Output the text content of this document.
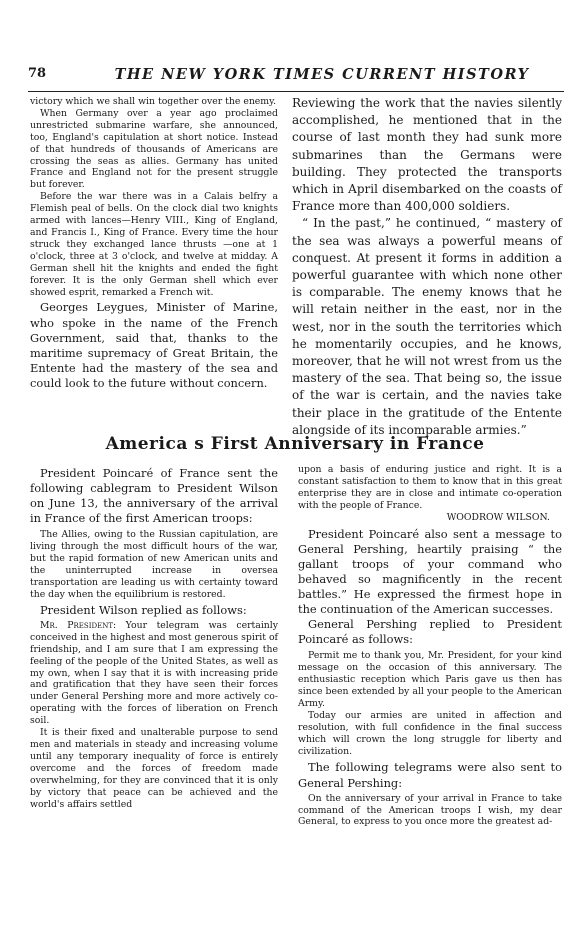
78	THE NEW YORK TIMES CURRENT HISTORY

victory which we shall win together over the enemy.

When Germany over a year ago proclaimed unrestricted submarine warfare, she announced, too, England's capitulation at short notice. Instead of that hundreds of thousands of Americans are crossing the seas as allies. Germany has united France and England not for the present struggle but forever.

Before the war there was in a Calais belfry a Flemish peal of bells. On the clock dial two knights armed with lances—Henry VIII., King of England, and Francis I., King of France. Every time the hour struck they exchanged lance thrusts —one at 1 o'clock, three at 3 o'clock, and twelve at midday. A German shell hit the knights and ended the fight forever. It is the only German shell which ever showed esprit, remarked a French wit.

Georges Leygues, Minister of Marine, who spoke in the name of the French Government, said that, thanks to the maritime supremacy of Great Britain, the Entente had the mastery of the sea and could look to the future without concern.

Reviewing the work that the navies silently accomplished, he mentioned that in the course of last month they had sunk more submarines than the Germans were building. They protected the transports which in April disembarked on the coasts of France more than 400,000 soldiers.

“ In the past,” he continued, “ mastery of the sea was always a powerful means of conquest. At present it forms in addition a powerful guarantee with which none other is comparable. The enemy knows that he will retain neither in the east, nor in the west, nor in the south the territories which he momentarily occupies, and he knows, moreover, that he will not wrest from us the mastery of the sea. That being so, the issue of the war is certain, and the navies take their place in the gratitude of the Entente alongside of its incomparable armies.”

America s First Anniversary in France

President Poincaré of France sent the following cablegram to President Wilson on June 13, the anniversary of the arrival in France of the first American troops:

The Allies, owing to the Russian capitulation, are living through the most difficult hours of the war, but the rapid formation of new American units and the uninterrupted increase in oversea transportation are leading us with certainty toward the day when the equilibrium is restored.

President Wilson replied as follows:

Mr. President: Your telegram was certainly conceived in the highest and most generous spirit of friendship, and I am sure that I am expressing the feeling of the people of the United States, as well as my own, when I say that it is with increasing pride and gratification that they have seen their forces under General Pershing more and more actively co-operating with the forces of liberation on French soil.

It is their fixed and unalterable purpose to send men and materials in steady and increasing volume until any temporary inequality of force is entirely overcome and the forces of freedom made overwhelming, for they are convinced that it is only by victory that peace can be achieved and the world's affairs settled

upon a basis of enduring justice and right. It is a constant satisfaction to them to know that in this great enterprise they are in close and intimate co-operation with the people of France.

WOODROW WILSON.

President Poincaré also sent a message to General Pershing, heartily praising “ the gallant troops of your command who behaved so magnificently in the recent battles.” He expressed the firmest hope in the continuation of the American successes.

General Pershing replied to President Poincaré as follows:

Permit me to thank you, Mr. President, for your kind message on the occasion of this anniversary. The enthusiastic reception which Paris gave us then has since been extended by all your people to the American Army.

Today our armies are united in affection and resolution, with full confidence in the final success which will crown the long struggle for liberty and civilization.

The following telegrams were also sent to General Pershing:

On the anniversary of your arrival in France to take command of the American troops I wish, my dear General, to express to you once more the greatest ad-
